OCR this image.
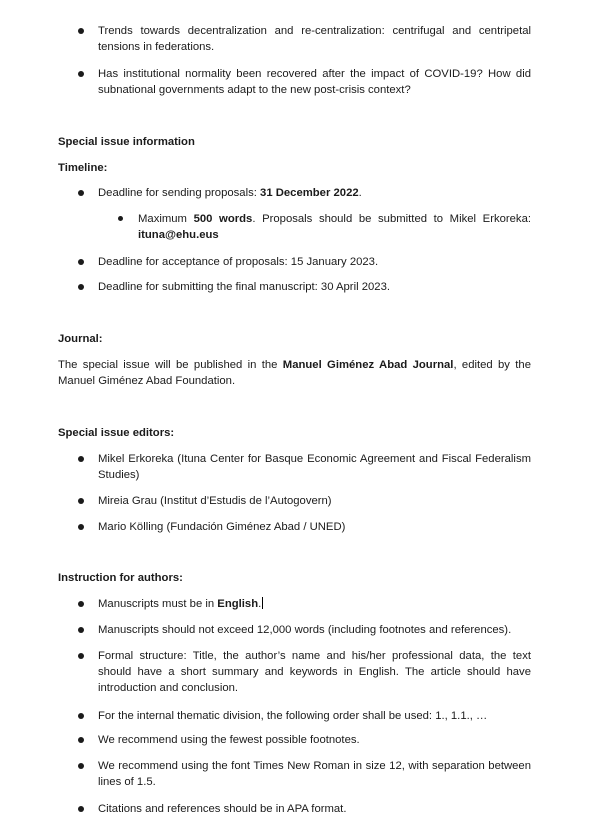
Trends towards decentralization and re-centralization: centrifugal and centripetal tensions in federations.
Has institutional normality been recovered after the impact of COVID-19? How did subnational governments adapt to the new post-crisis context?
Special issue information
Timeline:
Deadline for sending proposals: 31 December 2022.
Maximum 500 words. Proposals should be submitted to Mikel Erkoreka: ituna@ehu.eus
Deadline for acceptance of proposals: 15 January 2023.
Deadline for submitting the final manuscript: 30 April 2023.
Journal:
The special issue will be published in the Manuel Giménez Abad Journal, edited by the Manuel Giménez Abad Foundation.
Special issue editors:
Mikel Erkoreka (Ituna Center for Basque Economic Agreement and Fiscal Federalism Studies)
Mireia Grau (Institut d’Estudis de l’Autogovern)
Mario Kölling (Fundación Giménez Abad / UNED)
Instruction for authors:
Manuscripts must be in English.
Manuscripts should not exceed 12,000 words (including footnotes and references).
Formal structure: Title, the author’s name and his/her professional data, the text should have a short summary and keywords in English. The article should have introduction and conclusion.
For the internal thematic division, the following order shall be used: 1., 1.1., …
We recommend using the fewest possible footnotes.
We recommend using the font Times New Roman in size 12, with separation between lines of 1.5.
Citations and references should be in APA format.
